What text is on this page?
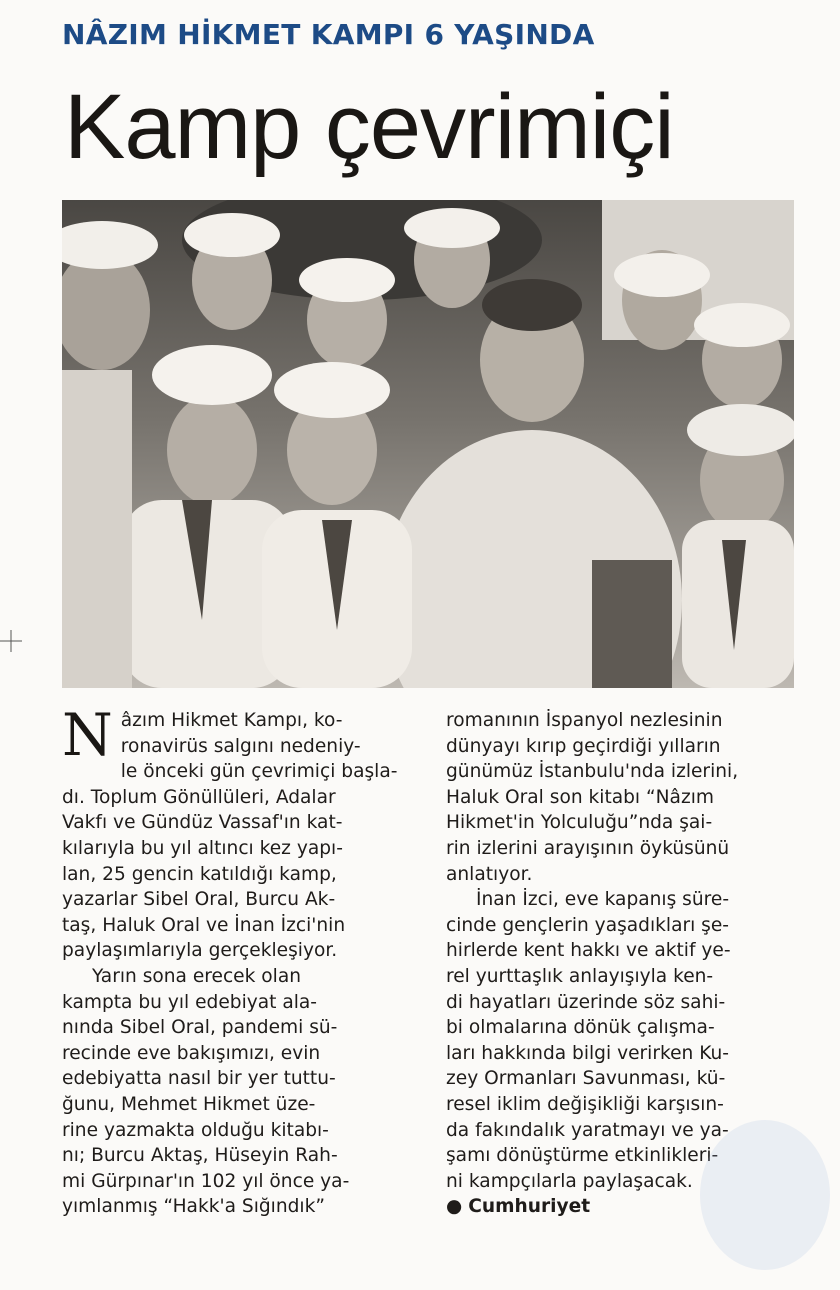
NÂZIM HİKMET KAMPI 6 YAŞINDA
Kamp çevrimiçi
N âzım Hikmet Kampı, ko-

ronavirüs salgını nedeniy-

le önceki gün çevrimiçi başla-

dı. Toplum Gönüllüleri, Adalar

Vakfı ve Gündüz Vassaf'ın kat-

kılarıyla bu yıl altıncı kez yapı-

lan, 25 gencin katıldığı kamp,

yazarlar Sibel Oral, Burcu Ak-

taş, Haluk Oral ve İnan İzci'nin

paylaşımlarıyla gerçekleşiyor.

Yarın sona erecek olan

kampta bu yıl edebiyat ala-

nında Sibel Oral, pandemi sü-

recinde eve bakışımızı, evin

edebiyatta nasıl bir yer tuttu-

ğunu, Mehmet Hikmet üze-

rine yazmakta olduğu kitabı-

nı; Burcu Aktaş, Hüseyin Rah-

mi Gürpınar'ın 102 yıl önce ya-

yımlanmış “Hakk'a Sığındık”

romanının İspanyol nezlesinin

dünyayı kırıp geçirdiği yılların

günümüz İstanbulu'nda izlerini,

Haluk Oral son kitabı “Nâzım

Hikmet'in Yolculuğu”nda şai-

rin izlerini arayışının öyküsünü

anlatıyor.

İnan İzci, eve kapanış süre-

cinde gençlerin yaşadıkları şe-

hirlerde kent hakkı ve aktif ye-

rel yurttaşlık anlayışıyla ken-

di hayatları üzerinde söz sahi-

bi olmalarına dönük çalışma-

ları hakkında bilgi verirken Ku-

zey Ormanları Savunması, kü-

resel iklim değişikliği karşısın-

da fakındalık yaratmayı ve ya-

şamı dönüştürme etkinlikleri-

ni kampçılarla paylaşacak.

● Cumhuriyet
